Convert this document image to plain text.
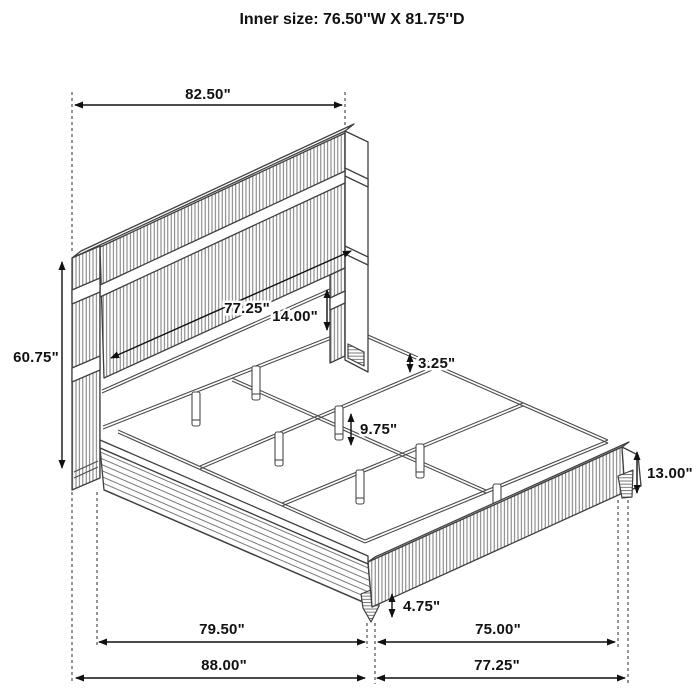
82.50"
60.75"
77.25" 14.00"
3.25"
9.75"
13.00"
4.75"
79.50"
88.00"
75.00"
77.25"
Inner size: 76.50''W X 81.75''D
